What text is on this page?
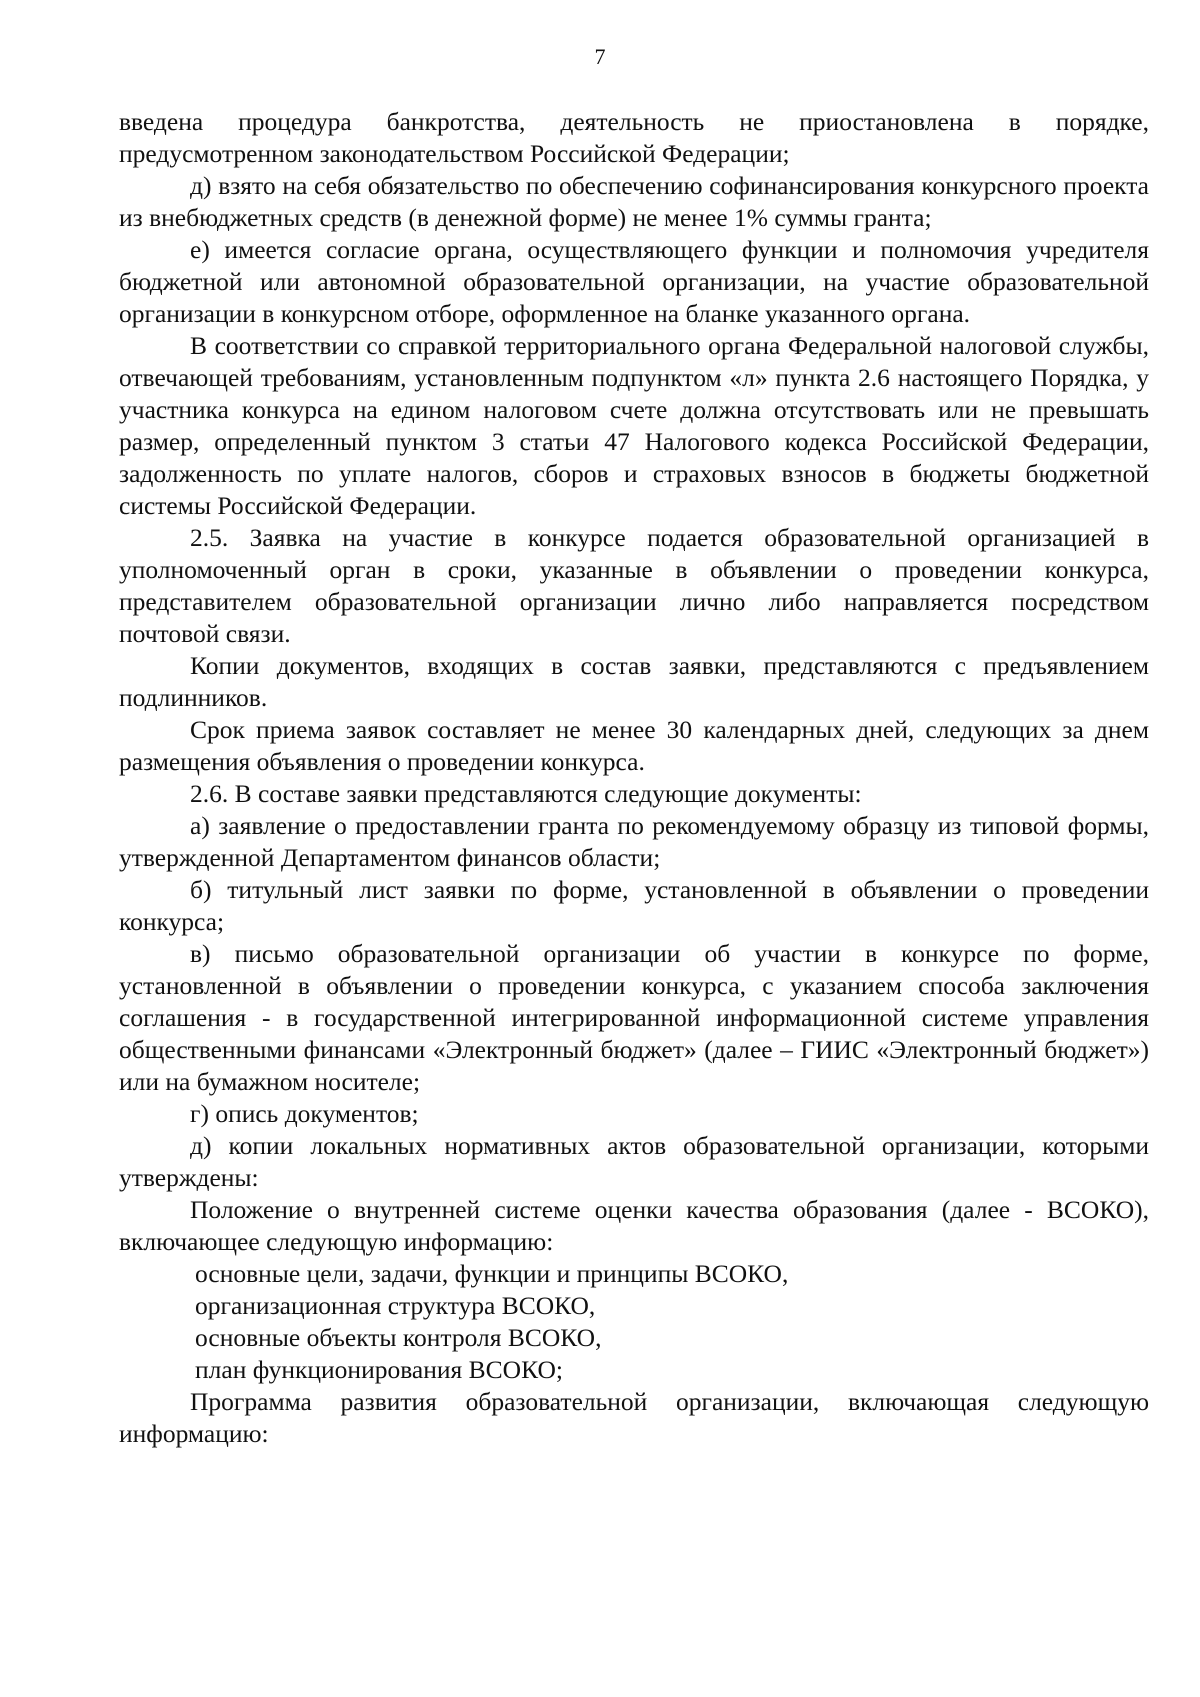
7

введена процедура банкротства, деятельность не приостановлена в порядке, предусмотренном законодательством Российской Федерации;

д) взято на себя обязательство по обеспечению софинансирования конкурсного проекта из внебюджетных средств (в денежной форме) не менее 1% суммы гранта;

е) имеется согласие органа, осуществляющего функции и полномочия учредителя бюджетной или автономной образовательной организации, на участие образовательной организации в конкурсном отборе, оформленное на бланке указанного органа.

В соответствии со справкой территориального органа Федеральной налоговой службы, отвечающей требованиям, установленным подпунктом «л» пункта 2.6 настоящего Порядка, у участника конкурса на едином налоговом счете должна отсутствовать или не превышать размер, определенный пунктом 3 статьи 47 Налогового кодекса Российской Федерации, задолженность по уплате налогов, сборов и страховых взносов в бюджеты бюджетной системы Российской Федерации.

2.5. Заявка на участие в конкурсе подается образовательной организацией в уполномоченный орган в сроки, указанные в объявлении о проведении конкурса, представителем образовательной организации лично либо направляется посредством почтовой связи.

Копии документов, входящих в состав заявки, представляются с предъявлением подлинников.

Срок приема заявок составляет не менее 30 календарных дней, следующих за днем размещения объявления о проведении конкурса.

2.6. В составе заявки представляются следующие документы:

а) заявление о предоставлении гранта по рекомендуемому образцу из типовой формы, утвержденной Департаментом финансов области;

б) титульный лист заявки по форме, установленной в объявлении о проведении конкурса;

в) письмо образовательной организации об участии в конкурсе по форме, установленной в объявлении о проведении конкурса, с указанием способа заключения соглашения - в государственной интегрированной информационной системе управления общественными финансами «Электронный бюджет» (далее – ГИИС «Электронный бюджет») или на бумажном носителе;

г) опись документов;

д) копии локальных нормативных актов образовательной организации, которыми утверждены:

Положение о внутренней системе оценки качества образования (далее - ВСОКО), включающее следующую информацию:

основные цели, задачи, функции и принципы ВСОКО,

организационная структура ВСОКО,

основные объекты контроля ВСОКО,

план функционирования ВСОКО;

Программа развития образовательной организации, включающая следующую информацию:
